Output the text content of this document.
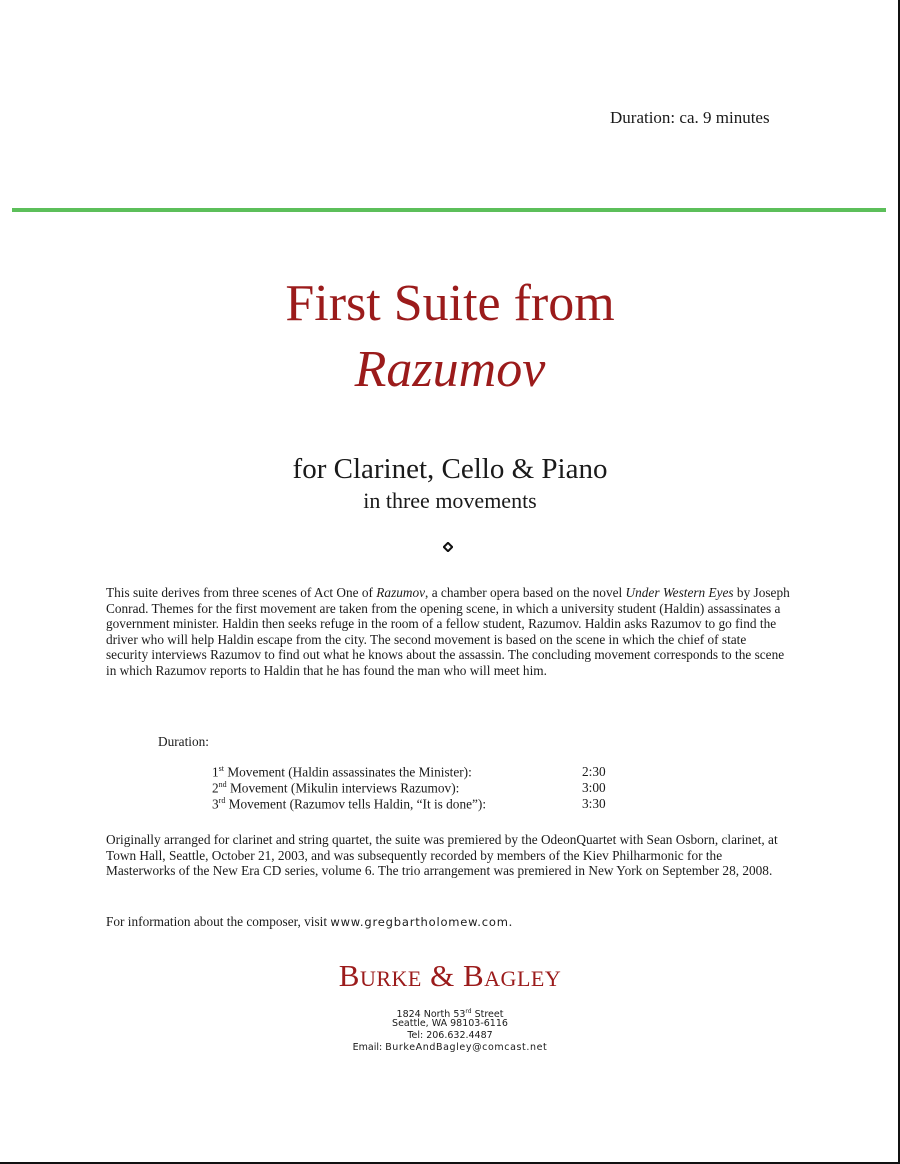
Duration: ca. 9 minutes
First Suite from
Razumov
for Clarinet, Cello & Piano
in three movements
This suite derives from three scenes of Act One of Razumov, a chamber opera based on the novel Under Western Eyes by Joseph Conrad. Themes for the first movement are taken from the opening scene, in which a university student (Haldin) assassinates a government minister. Haldin then seeks refuge in the room of a fellow student, Razumov. Haldin asks Razumov to go find the driver who will help Haldin escape from the city. The second movement is based on the scene in which the chief of state security interviews Razumov to find out what he knows about the assassin. The concluding movement corresponds to the scene in which Razumov reports to Haldin that he has found the man who will meet him.
Duration:
1st Movement (Haldin assassinates the Minister):	2:30
2nd Movement (Mikulin interviews Razumov):	3:00
3rd Movement (Razumov tells Haldin, “It is done”):	3:30
Originally arranged for clarinet and string quartet, the suite was premiered by the OdeonQuartet with Sean Osborn, clarinet, at Town Hall, Seattle, October 21, 2003, and was subsequently recorded by members of the Kiev Philharmonic for the Masterworks of the New Era CD series, volume 6. The trio arrangement was premiered in New York on September 28, 2008.
For information about the composer, visit www.gregbartholomew.com.
BURKE & BAGLEY
1824 North 53rd Street
Seattle, WA 98103-6116
Tel: 206.632.4487
Email: BurkeAndBagley@comcast.net
